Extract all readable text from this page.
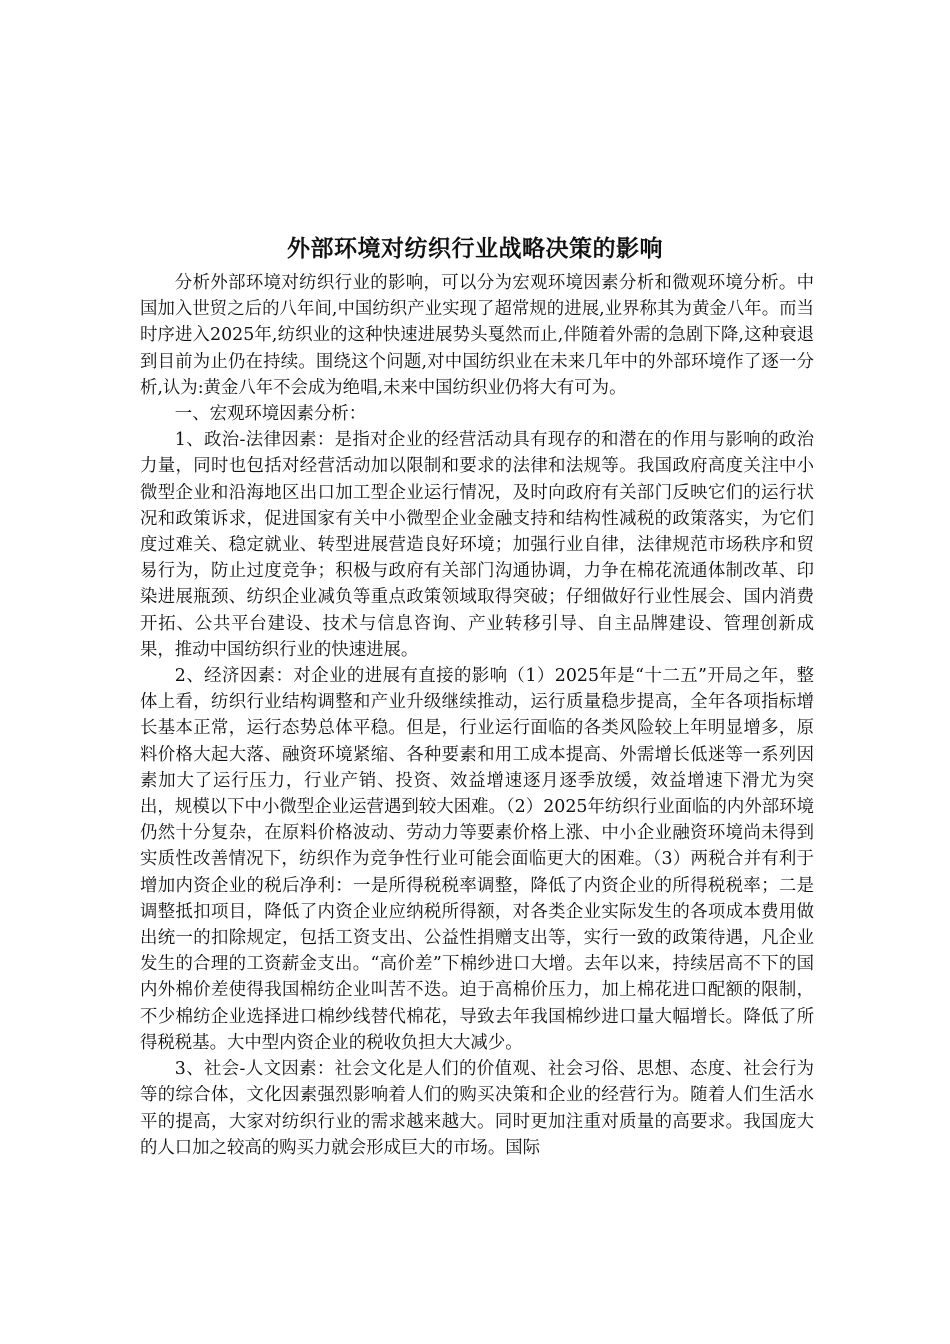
外部环境对纺织行业战略决策的影响

分析外部环境对纺织行业的影响，可以分为宏观环境因素分析和微观环境分析。中国加入世贸之后的八年间,中国纺织产业实现了超常规的进展,业界称其为黄金八年。而当时序进入2025年,纺织业的这种快速进展势头戛然而止,伴随着外需的急剧下降,这种衰退到目前为止仍在持续。围绕这个问题,对中国纺织业在未来几年中的外部环境作了逐一分析,认为:黄金八年不会成为绝唱,未来中国纺织业仍将大有可为。

一、宏观环境因素分析：

1、政治-法律因素：是指对企业的经营活动具有现存的和潜在的作用与影响的政治力量，同时也包括对经营活动加以限制和要求的法律和法规等。我国政府高度关注中小微型企业和沿海地区出口加工型企业运行情况，及时向政府有关部门反映它们的运行状况和政策诉求，促进国家有关中小微型企业金融支持和结构性减税的政策落实，为它们度过难关、稳定就业、转型进展营造良好环境；加强行业自律，法律规范市场秩序和贸易行为，防止过度竞争；积极与政府有关部门沟通协调，力争在棉花流通体制改革、印染进展瓶颈、纺织企业减负等重点政策领域取得突破；仔细做好行业性展会、国内消费开拓、公共平台建设、技术与信息咨询、产业转移引导、自主品牌建设、管理创新成果，推动中国纺织行业的快速进展。

2、经济因素：对企业的进展有直接的影响（1）2025年是“十二五”开局之年，整体上看，纺织行业结构调整和产业升级继续推动，运行质量稳步提高，全年各项指标增长基本正常，运行态势总体平稳。但是，行业运行面临的各类风险较上年明显增多，原料价格大起大落、融资环境紧缩、各种要素和用工成本提高、外需增长低迷等一系列因素加大了运行压力，行业产销、投资、效益增速逐月逐季放缓，效益增速下滑尤为突出，规模以下中小微型企业运营遇到较大困难。（2）2025年纺织行业面临的内外部环境仍然十分复杂，在原料价格波动、劳动力等要素价格上涨、中小企业融资环境尚未得到实质性改善情况下，纺织作为竞争性行业可能会面临更大的困难。（3）两税合并有利于增加内资企业的税后净利：一是所得税税率调整，降低了内资企业的所得税税率；二是调整抵扣项目，降低了内资企业应纳税所得额，对各类企业实际发生的各项成本费用做出统一的扣除规定，包括工资支出、公益性捐赠支出等，实行一致的政策待遇，凡企业发生的合理的工资薪金支出。“高价差”下棉纱进口大增。去年以来，持续居高不下的国内外棉价差使得我国棉纺企业叫苦不迭。迫于高棉价压力，加上棉花进口配额的限制，不少棉纺企业选择进口棉纱线替代棉花，导致去年我国棉纱进口量大幅增长。降低了所得税税基。大中型内资企业的税收负担大大减少。

3、社会-人文因素：社会文化是人们的价值观、社会习俗、思想、态度、社会行为等的综合体，文化因素强烈影响着人们的购买决策和企业的经营行为。随着人们生活水平的提高，大家对纺织行业的需求越来越大。同时更加注重对质量的高要求。我国庞大的人口加之较高的购买力就会形成巨大的市场。国际
